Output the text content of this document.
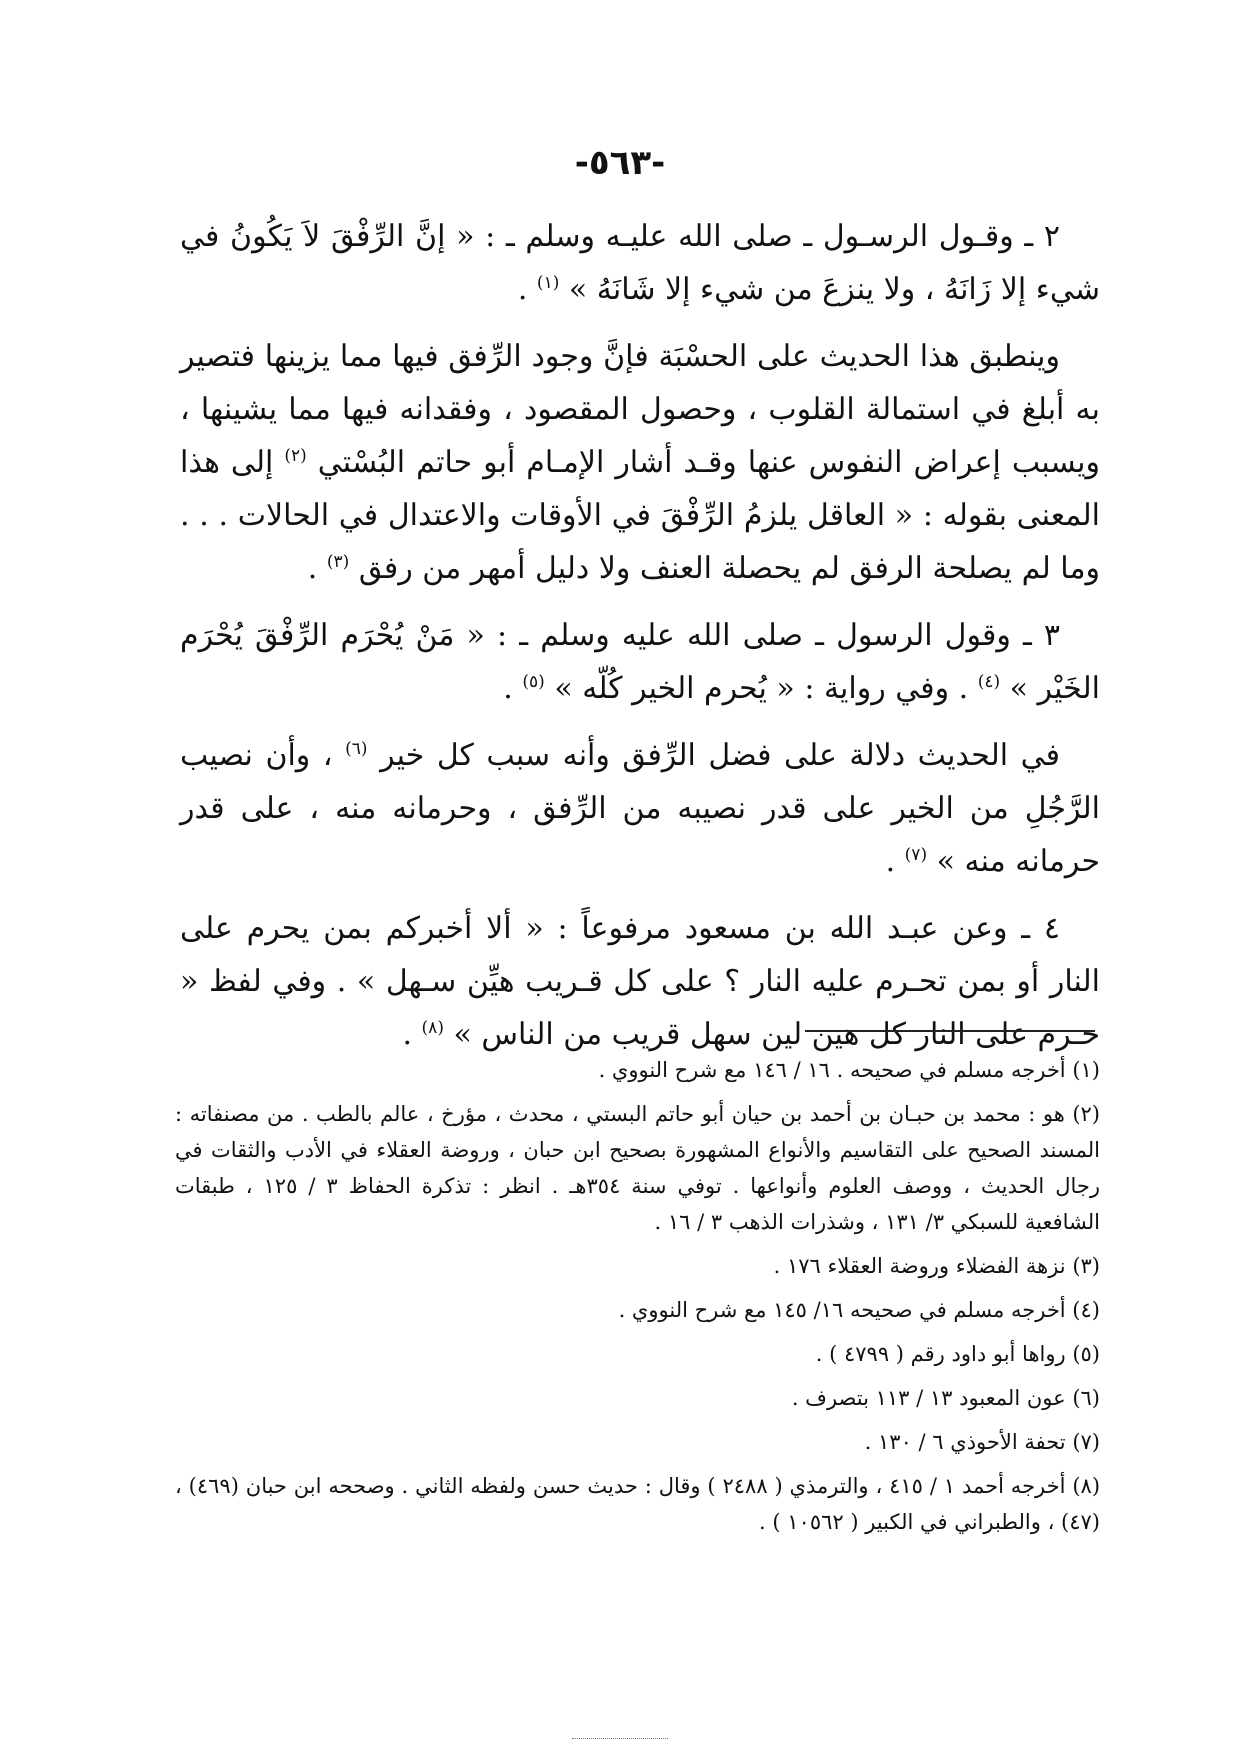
-٥٦٣-

٢ ـ وقـول الرسـول ـ صلى الله عليـه وسلم ـ : « إنَّ الرِّفْقَ لاَ يَكُونُ في شيء إلا زَانَهُ ، ولا ينزعَ من شيء إلا شَانَهُ » $^{(١)}$ .

وينطبق هذا الحديث على الحسْبَة فإنَّ وجود الرِّفق فيها مما يزينها فتصير به أبلغ في استمالة القلوب ، وحصول المقصود ، وفقدانه فيها مما يشينها ، ويسبب إعراض النفوس عنها وقـد أشار الإمـام أبو حاتم البُسْتي $^{(٢)}$ إلى هذا المعنى بقوله : « العاقل يلزمُ الرِّفْقَ في الأوقات والاعتدال في الحالات . . . وما لم يصلحة الرفق لم يحصلة العنف ولا دليل أمهر من رفق $^{(٣)}$ .

٣ ـ وقول الرسول ـ صلى الله عليه وسلم ـ : « مَنْ يُحْرَم الرِّفْقَ يُحْرَم الخَيْر » $^{(٤)}$ . وفي رواية : « يُحرم الخير كُلّه » $^{(٥)}$ .

في الحديث دلالة على فضل الرِّفق وأنه سبب كل خير $^{(٦)}$ ، وأن نصيب الرَّجُلِ من الخير على قدر نصيبه من الرِّفق ، وحرمانه منه ، على قدر حرمانه منه » $^{(٧)}$ .

٤ ـ وعن عبـد الله بن مسعود مرفوعاً : « ألا أخبركم بمن يحرم على النار أو بمن تحـرم عليه النار ؟ على كل قـريب هيِّن سـهل » . وفي لفظ « حـرم على النار كل هين لين سهل قريب من الناس » $^{(٨)}$ .

(١) أخرجه مسلم في صحيحه . ١٦ / ١٤٦ مع شرح النووي .

(٢) هو : محمد بن حبـان بن أحمد بن حيان أبو حاتم البستي ، محدث ، مؤرخ ، عالم بالطب . من مصنفاته : المسند الصحيح على التقاسيم والأنواع المشهورة بصحيح ابن حبان ، وروضة العقلاء في الأدب والثقات في رجال الحديث ، ووصف العلوم وأنواعها . توفي سنة ٣٥٤هـ . انظر : تذكرة الحفاظ ٣ / ١٢٥ ، طبقات الشافعية للسبكي ٣/ ١٣١ ، وشذرات الذهب ٣ / ١٦ .

(٣) نزهة الفضلاء وروضة العقلاء ١٧٦ .

(٤) أخرجه مسلم في صحيحه ١٦/ ١٤٥ مع شرح النووي .

(٥) رواها أبو داود رقم ( ٤٧٩٩ ) .

(٦) عون المعبود ١٣ / ١١٣ بتصرف .

(٧) تحفة الأحوذي ٦ / ١٣٠ .

(٨) أخرجه أحمد ١ / ٤١٥ ، والترمذي ( ٢٤٨٨ ) وقال : حديث حسن ولفظه الثاني . وصححه ابن حبان (٤٦٩) ، (٤٧) ، والطبراني في الكبير ( ١٠٥٦٢ ) .
